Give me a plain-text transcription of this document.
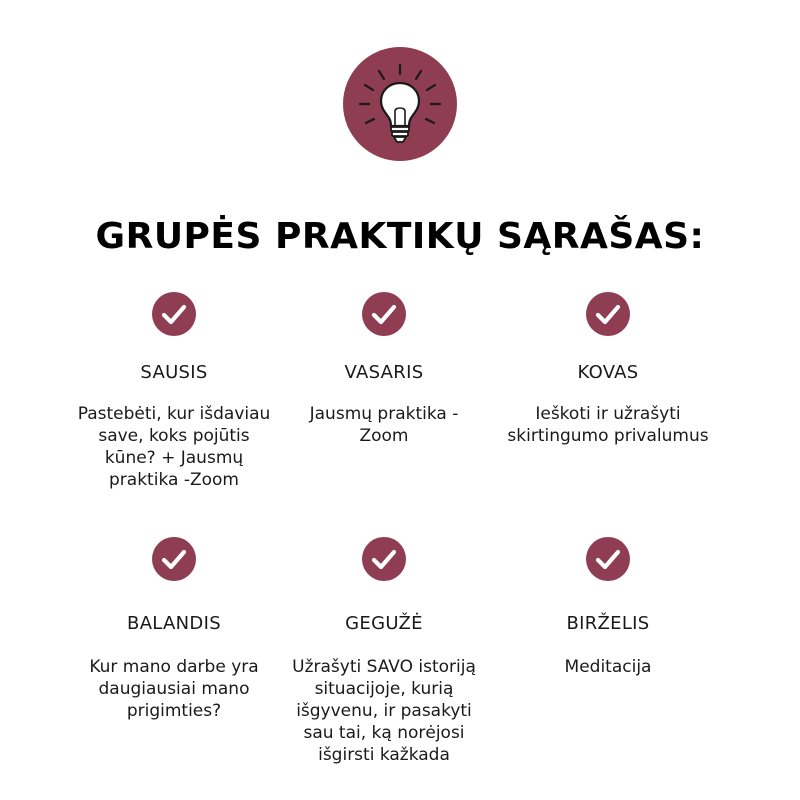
GRUPĖS PRAKTIKŲ SĄRAŠAS:
SAUSIS
Pastebėti, kur išdaviau
save, koks pojūtis
kūne? + Jausmų
praktika -Zoom
VASARIS
Jausmų praktika -
Zoom
KOVAS
Ieškoti ir užrašyti
skirtingumo privalumus
BALANDIS
Kur mano darbe yra
daugiausiai mano
prigimties?
GEGUŽĖ
Užrašyti SAVO istoriją
situacijoje, kurią
išgyvenu, ir pasakyti
sau tai, ką norėjosi
išgirsti kažkada
BIRŽELIS
Meditacija
